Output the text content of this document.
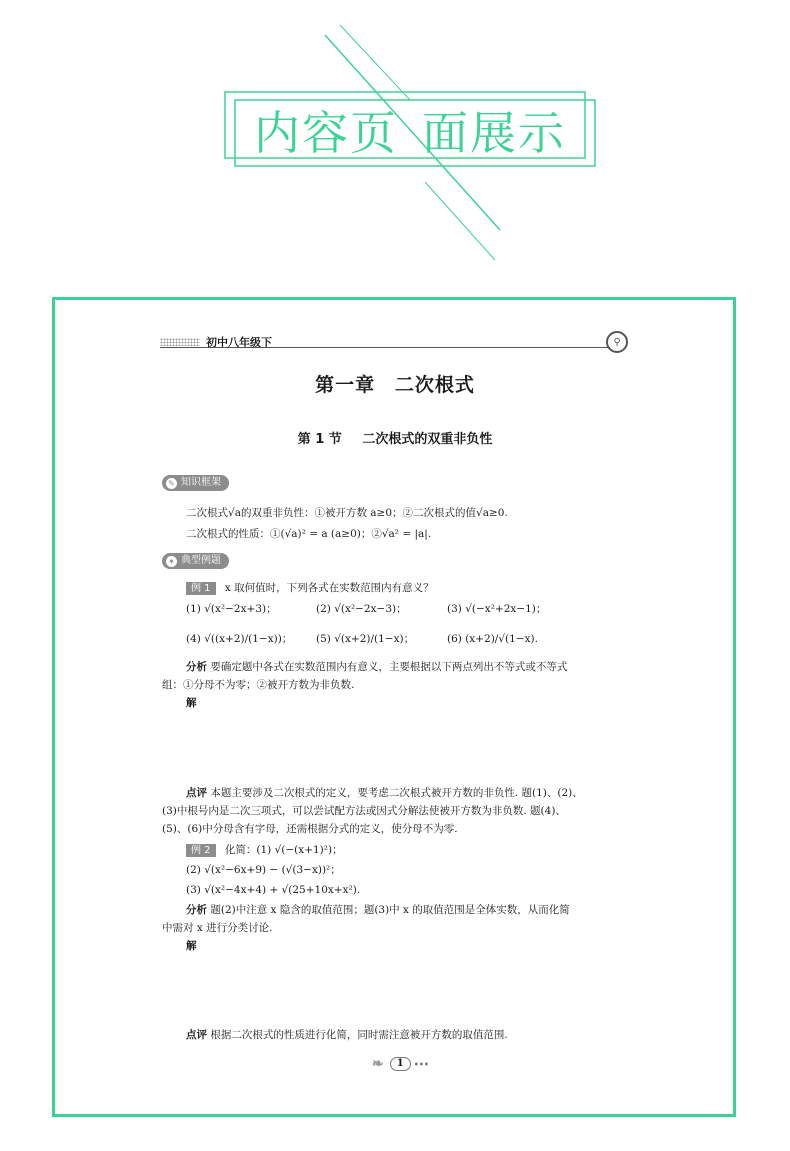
内容页 面展示
初中八年级下	⚲
第一章 二次根式
第 1 节 二次根式的双重非负性
✎ 知识框架
二次根式√a的双重非负性：①被开方数 a≥0；②二次根式的值√a≥0.
二次根式的性质：①(√a)² = a (a≥0)；②√a² = |a|.
✦ 典型例题
例 1 x 取何值时，下列各式在实数范围内有意义？
(1) √(x²−2x+3)；	(2) √(x²−2x−3)；	(3) √(−x²+2x−1)；
(4) √((x+2)/(1−x))； (5) √(x+2)/(1−x)；	(6) (x+2)/√(1−x).
分析 要确定题中各式在实数范围内有意义，主要根据以下两点列出不等式或不等式
组：①分母不为零；②被开方数为非负数.
解
点评 本题主要涉及二次根式的定义，要考虑二次根式被开方数的非负性. 题(1)、(2)、
(3)中根号内是二次三项式，可以尝试配方法或因式分解法使被开方数为非负数. 题(4)、
(5)、(6)中分母含有字母，还需根据分式的定义，使分母不为零.
例 2 化简：(1) √(−(x+1)²)；
(2) √(x²−6x+9) − (√(3−x))²；
(3) √(x²−4x+4) + √(25+10x+x²).
分析 题(2)中注意 x 隐含的取值范围；题(3)中 x 的取值范围是全体实数，从而化简
中需对 x 进行分类讨论.
解
点评 根据二次根式的性质进行化简，同时需注意被开方数的取值范围.
❧	1	•••
